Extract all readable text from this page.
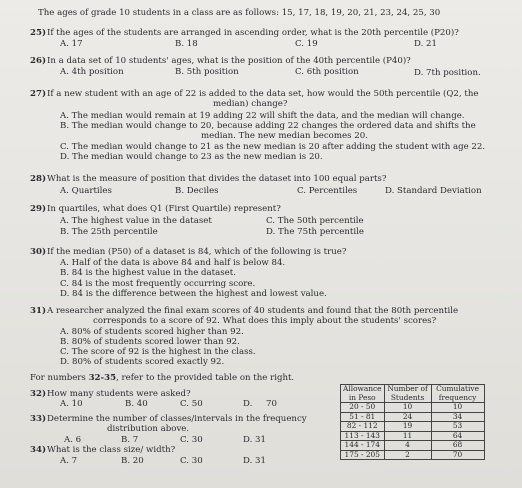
The ages of grade 10 students in a class are as follows: 15, 17, 18, 19, 20, 21, 23, 24, 25, 30
25) If the ages of the students are arranged in ascending order, what is the 20th percentile (P20)?
A. 17	B. 18	C. 19	D. 21
26) In a data set of 10 students' ages, what is the position of the 40th percentile (P40)?
A. 4th position	B. 5th position	C. 6th position	D. 7th position.
27) If a new student with an age of 22 is added to the data set, how would the 50th percentile (Q2, the
median) change?
A. The median would remain at 19 adding 22 will shift the data, and the median will change.
B. The median would change to 20, because adding 22 changes the ordered data and shifts the
median. The new median becomes 20.
C. The median would change to 21 as the new median is 20 after adding the student with age 22.
D. The median would change to 23 as the new median is 20.
28) What is the measure of position that divides the dataset into 100 equal parts?
A. Quartiles	B. Deciles	C. Percentiles	D. Standard Deviation
29) In quartiles, what does Q1 (First Quartile) represent?
A. The highest value in the dataset	C. The 50th percentile
B. The 25th percentile	D. The 75th percentile
30) If the median (P50) of a dataset is 84, which of the following is true?
A. Half of the data is above 84 and half is below 84.
B. 84 is the highest value in the dataset.
C. 84 is the most frequently occurring score.
D. 84 is the difference between the highest and lowest value.
31) A researcher analyzed the final exam scores of 40 students and found that the 80th percentile
corresponds to a score of 92. What does this imply about the students' scores?
A. 80% of students scored higher than 92.
B. 80% of students scored lower than 92.
C. The score of 92 is the highest in the class.
D. 80% of students scored exactly 92.
For numbers 32-35, refer to the provided table on the right.
32) How many students were asked?
A. 10	B. 40	C. 50	D. 70
33) Determine the number of classes/intervals in the frequency
distribution above.
A. 6	B. 7	C. 30	D. 31
34) What is the class size/ width?
A. 7	B. 20	C. 30	D. 31
Allowance in Peso	Number of Students	Cumulative frequency
20 - 50	10	10
51 - 81	24	34
82 - 112	19	53
113 - 143	11	64
144 - 174	4	68
175 - 205	2	70
